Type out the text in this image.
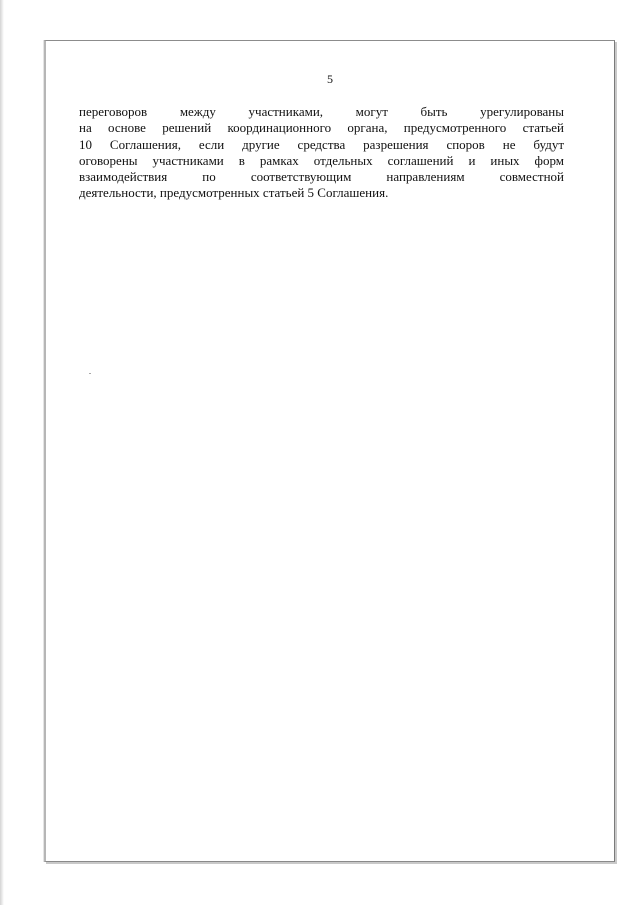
5

переговоров между участниками, могут быть урегулированы
на основе решений координационного органа, предусмотренного статьей
10 Соглашения, если другие средства разрешения споров не будут
оговорены участниками в рамках отдельных соглашений и иных форм
взаимодействия по соответствующим направлениям совместной
деятельности, предусмотренных статьей 5 Соглашения.
